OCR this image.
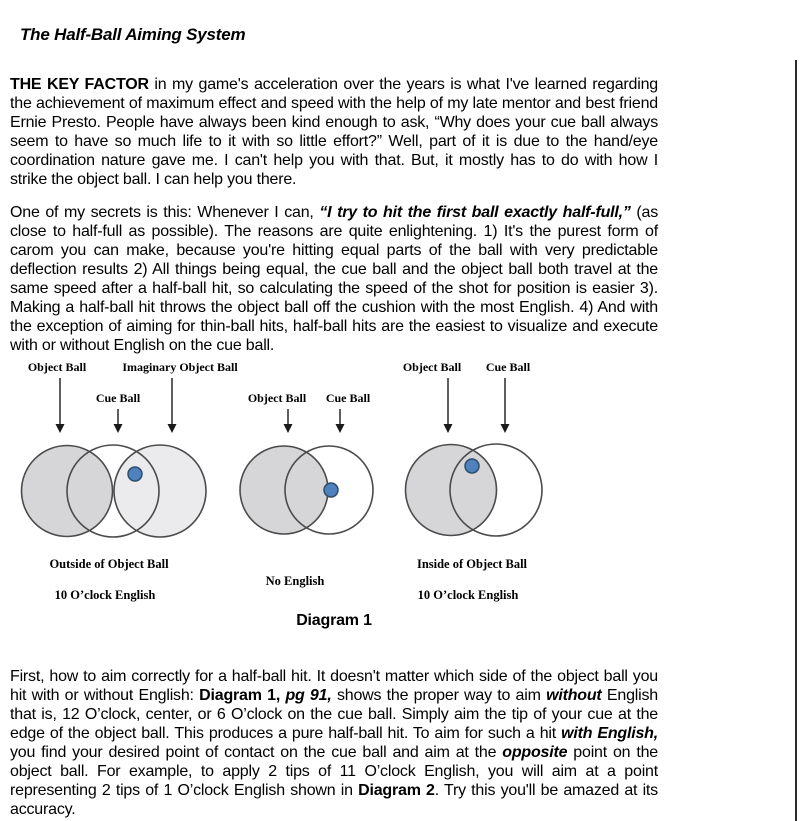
The Half-Ball Aiming System

THE KEY FACTOR in my game's acceleration over the years is what I've learned regarding the achievement of maximum effect and speed with the help of my late mentor and best friend Ernie Presto. People have always been kind enough to ask, “Why does your cue ball always seem to have so much life to it with so little effort?” Well, part of it is due to the hand/eye coordination nature gave me. I can't help you with that. But, it mostly has to do with how I strike the object ball. I can help you there.

One of my secrets is this: Whenever I can, “I try to hit the first ball exactly half-full,” (as close to half-full as possible). The reasons are quite enlightening. 1) It's the purest form of carom you can make, because you're hitting equal parts of the ball with very predictable deflection results 2) All things being equal, the cue ball and the object ball both travel at the same speed after a half-ball hit, so calculating the speed of the shot for position is easier 3). Making a half-ball hit throws the object ball off the cushion with the most English. 4) And with the exception of aiming for thin-ball hits, half-ball hits are the easiest to visualize and execute with or without English on the cue ball.

Object Ball	Imaginary Object Ball
Cue Ball
Outside of Object Ball
10 O’clock English
Object Ball Cue Ball
No English
Object Ball Cue Ball
Inside of Object Ball
10 O’clock English
Diagram 1

First, how to aim correctly for a half-ball hit. It doesn't matter which side of the object ball you hit with or without English: Diagram 1, pg 91, shows the proper way to aim without English that is, 12 O’clock, center, or 6 O’clock on the cue ball. Simply aim the tip of your cue at the edge of the object ball. This produces a pure half-ball hit. To aim for such a hit with English, you find your desired point of contact on the cue ball and aim at the opposite point on the object ball. For example, to apply 2 tips of 11 O’clock English, you will aim at a point representing 2 tips of 1 O’clock English shown in Diagram 2. Try this you'll be amazed at its accuracy.
